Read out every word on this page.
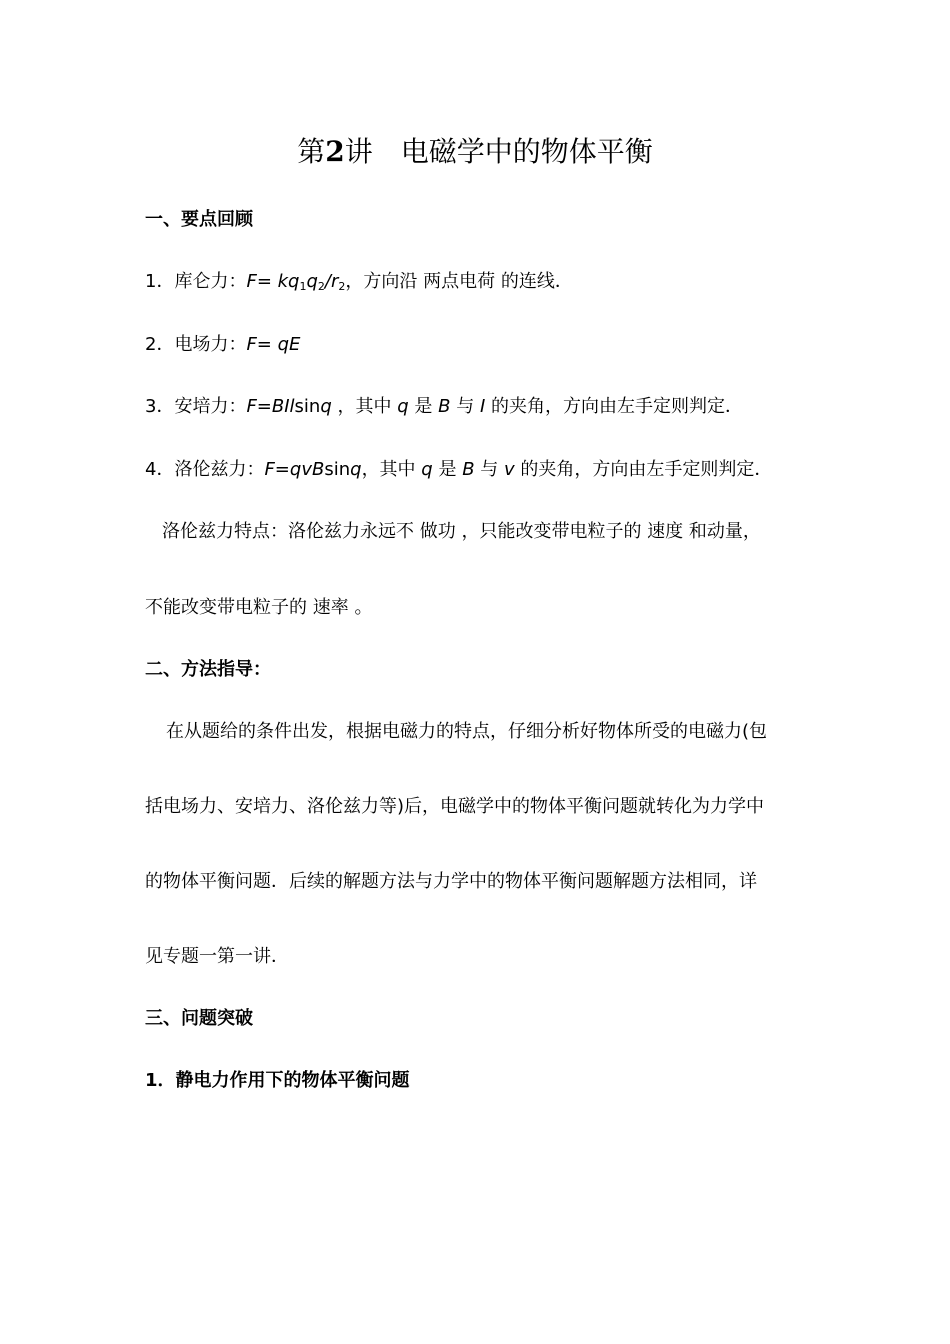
第2讲　电磁学中的物体平衡
一、要点回顾
1．库仑力：$F= kq_1q_2/r_2$，方向沿 两点电荷 的连线．
2．电场力：F= qE
3．安培力：F=BIlsinq ，其中 q 是 B 与 I 的夹角，方向由左手定则判定．
4．洛伦兹力：F=qvBsinq，其中 q 是 B 与 v 的夹角，方向由左手定则判定．
洛伦兹力特点：洛伦兹力永远不 做功 ，只能改变带电粒子的 速度 和动量，
不能改变带电粒子的 速率 。
二、方法指导：
在从题给的条件出发，根据电磁力的特点，仔细分析好物体所受的电磁力(包
括电场力、安培力、洛伦兹力等)后，电磁学中的物体平衡问题就转化为力学中
的物体平衡问题．后续的解题方法与力学中的物体平衡问题解题方法相同，详
见专题一第一讲．
三、问题突破
1．静电力作用下的物体平衡问题
